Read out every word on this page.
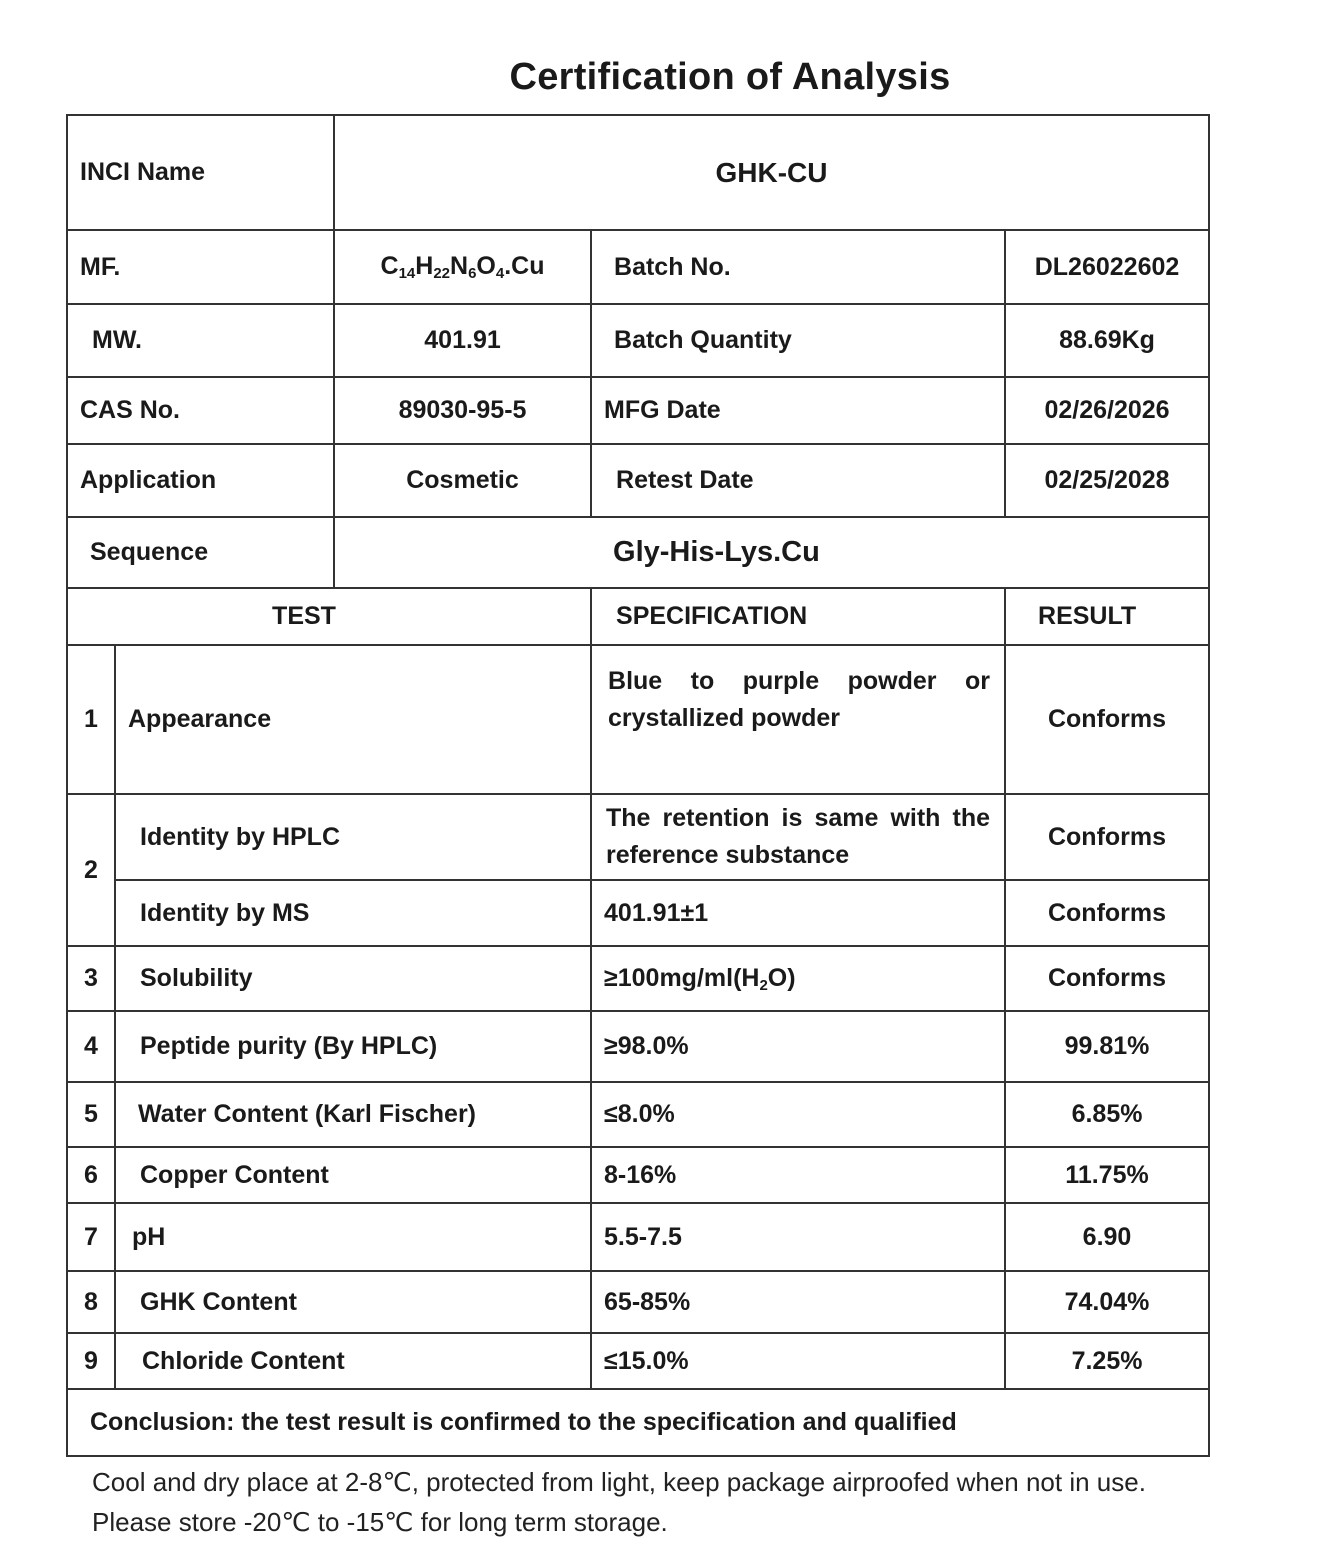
Certification of Analysis
INCI Name		GHK-CU		
MF.		$C_{14}H_{22}N_6O_4.Cu$	Batch No.	DL26022602
MW.		401.91	Batch Quantity	88.69Kg
CAS No.		89030-95-5	MFG Date	02/26/2026
Application		Cosmetic	Retest Date	02/25/2028
Sequence		Gly-His-Lys.Cu		
TEST			SPECIFICATION	RESULT
1	Appearance		Blue to purple powder or crystallized powder	Conforms
2	Identity by HPLC		The retention is same with the reference substance	Conforms
	Identity by MS		401.91±1	Conforms
3	Solubility		$\ge 100mg/ml(H_2O)$	Conforms
4	Peptide purity (By HPLC)		≥98.0%	99.81%
5	Water Content (Karl Fischer)		≤8.0%	6.85%
6	Copper Content		8-16%	11.75%
7	pH		5.5-7.5	6.90
8	GHK Content		65-85%	74.04%
9	Chloride Content		≤15.0%	7.25%
Conclusion: the test result is confirmed to the specification and qualified				
Cool and dry place at 2-8℃, protected from light, keep package airproofed when not in use. Please store -20℃ to -15℃ for long term storage.
